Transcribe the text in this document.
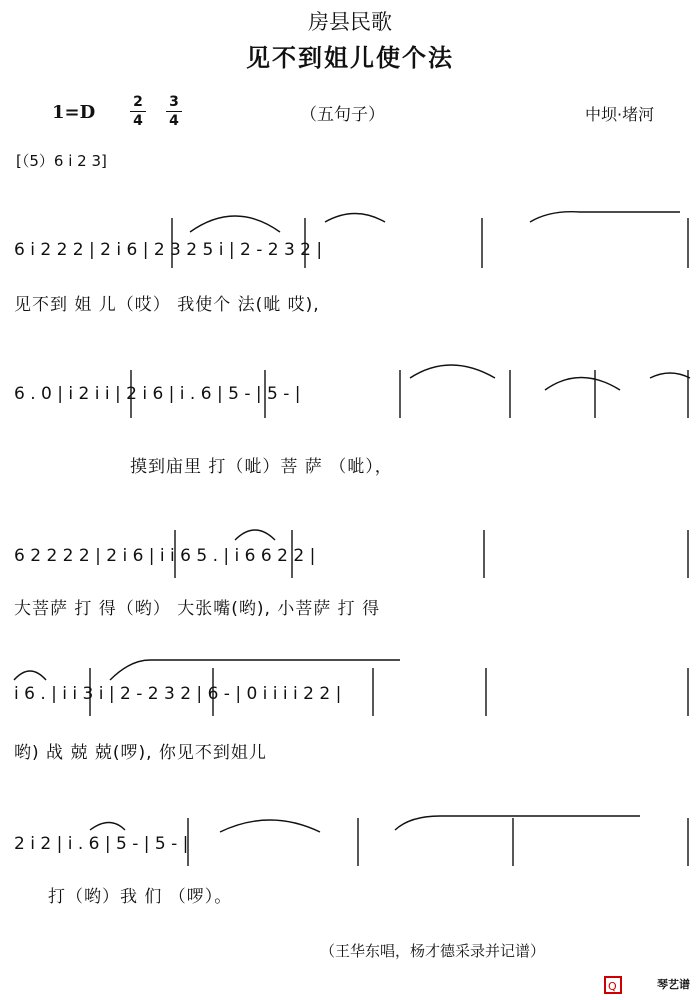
房县民歌
见不到姐儿使个法
1=D	2
4
3
4	（五句子）	中坝·堵河
[（5）6 i 2 3]
6 i 2 2 2 | 2 i 6 | 2 3 2 5 i | 2 - 2 3 2 |
见不到 姐 儿（哎） 我使个 法(呲 哎),
6 . 0 | i 2 i i | 2 i 6 | i . 6 | 5 - | 5 - |
摸到庙里 打（呲）菩 萨 （呲），
6 2 2 2 2 | 2 i 6 | i i 6 5 . | i 6 6 2 2 |
大菩萨 打 得（哟） 大张嘴(哟), 小菩萨 打 得
i 6 . | i i 3 i | 2 - 2 3 2 | 6 - | 0 i i i i 2 2 |
哟) 战 兢 兢(啰), 你见不到姐儿
2 i 2 | i . 6 | 5 - | 5 - |
打（哟）我 们 （啰）。
（王华东唱，杨才德采录并记谱）
Q	琴艺谱
